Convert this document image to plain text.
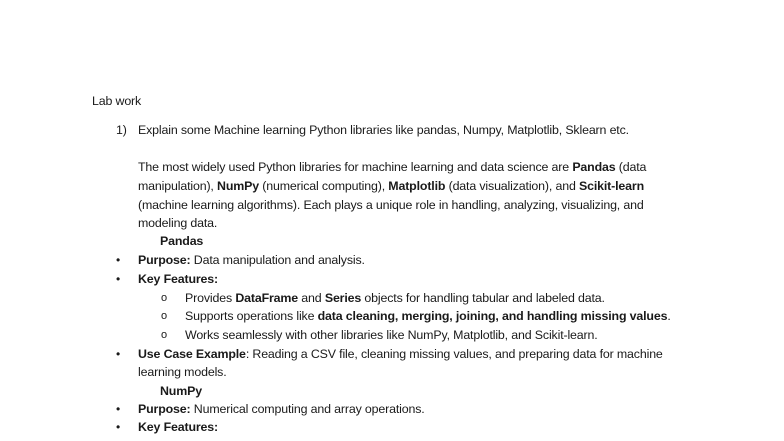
Lab work
1) Explain some Machine learning Python libraries like pandas, Numpy, Matplotlib, Sklearn etc.
The most widely used Python libraries for machine learning and data science are Pandas (data
manipulation), NumPy (numerical computing), Matplotlib (data visualization), and Scikit-learn
(machine learning algorithms). Each plays a unique role in handling, analyzing, visualizing, and
modeling data.
Pandas
• Purpose: Data manipulation and analysis.
• Key Features:
o Provides DataFrame and Series objects for handling tabular and labeled data.
o Supports operations like data cleaning, merging, joining, and handling missing values.
o Works seamlessly with other libraries like NumPy, Matplotlib, and Scikit-learn.
• Use Case Example: Reading a CSV file, cleaning missing values, and preparing data for machine
learning models.
NumPy
• Purpose: Numerical computing and array operations.
• Key Features:
